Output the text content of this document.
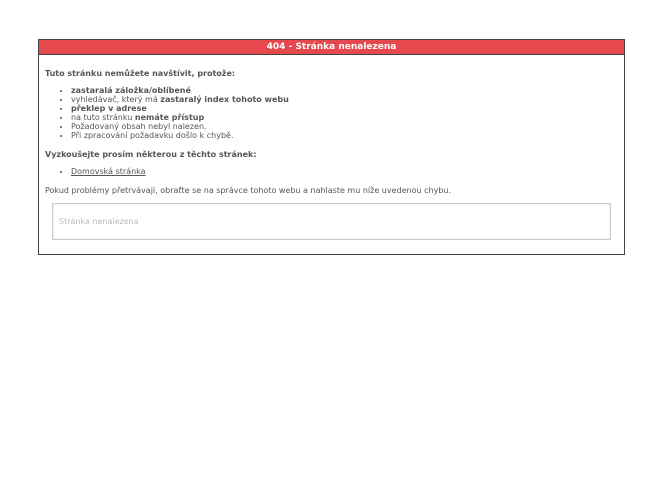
404 - Stránka nenalezena
Tuto stránku nemůžete navštívit, protože:
• zastaralá záložka/oblíbené
• vyhledávač, který má zastaralý index tohoto webu
• překlep v adrese
• na tuto stránku nemáte přístup
• Požadovaný obsah nebyl nalezen.
• Při zpracování požadavku došlo k chybě.
Vyzkoušejte prosím některou z těchto stránek:
• Domovská stránka
Pokud problémy přetrvávají, obraťte se na správce tohoto webu a nahlaste mu níže uvedenou chybu.
Stránka nenalezena
